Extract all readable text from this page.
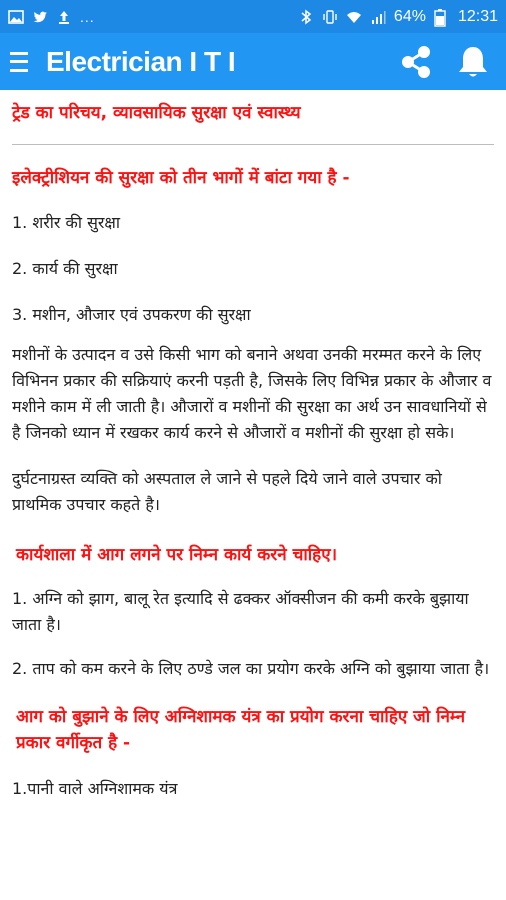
...	64% 12:31
Electrician I T I
ट्रेड का परिचय, व्यावसायिक सुरक्षा एवं स्वास्थ्य
इलेक्ट्रीशियन की सुरक्षा को तीन भागों में बांटा गया है -
1. शरीर की सुरक्षा
2. कार्य की सुरक्षा
3. मशीन, औजार एवं उपकरण की सुरक्षा
मशीनों के उत्पादन व उसे किसी भाग को बनाने अथवा उनकी मरम्मत करने के लिए विभिनन प्रकार की सक्रियाएं करनी पड़ती है, जिसके लिए विभिन्न प्रकार के औजार व मशीने काम में ली जाती है। औजारों व मशीनों की सुरक्षा का अर्थ उन सावधानियों से है जिनको ध्यान में रखकर कार्य करने से औजारों व मशीनों की सुरक्षा हो सके।
दुर्घटनाग्रस्त व्यक्ति को अस्पताल ले जाने से पहले दिये जाने वाले उपचार को प्राथमिक उपचार कहते है।
कार्यशाला में आग लगने पर निम्न कार्य करने चाहिए।
1. अग्नि को झाग, बालू रेत इत्यादि से ढक्कर ऑक्सीजन की कमी करके बुझाया जाता है।
2. ताप को कम करने के लिए ठण्डे जल का प्रयोग करके अग्नि को बुझाया जाता है।
आग को बुझाने के लिए अग्निशामक यंत्र का प्रयोग करना चाहिए जो निम्न प्रकार वर्गीकृत है -
1.पानी वाले अग्निशामक यंत्र
